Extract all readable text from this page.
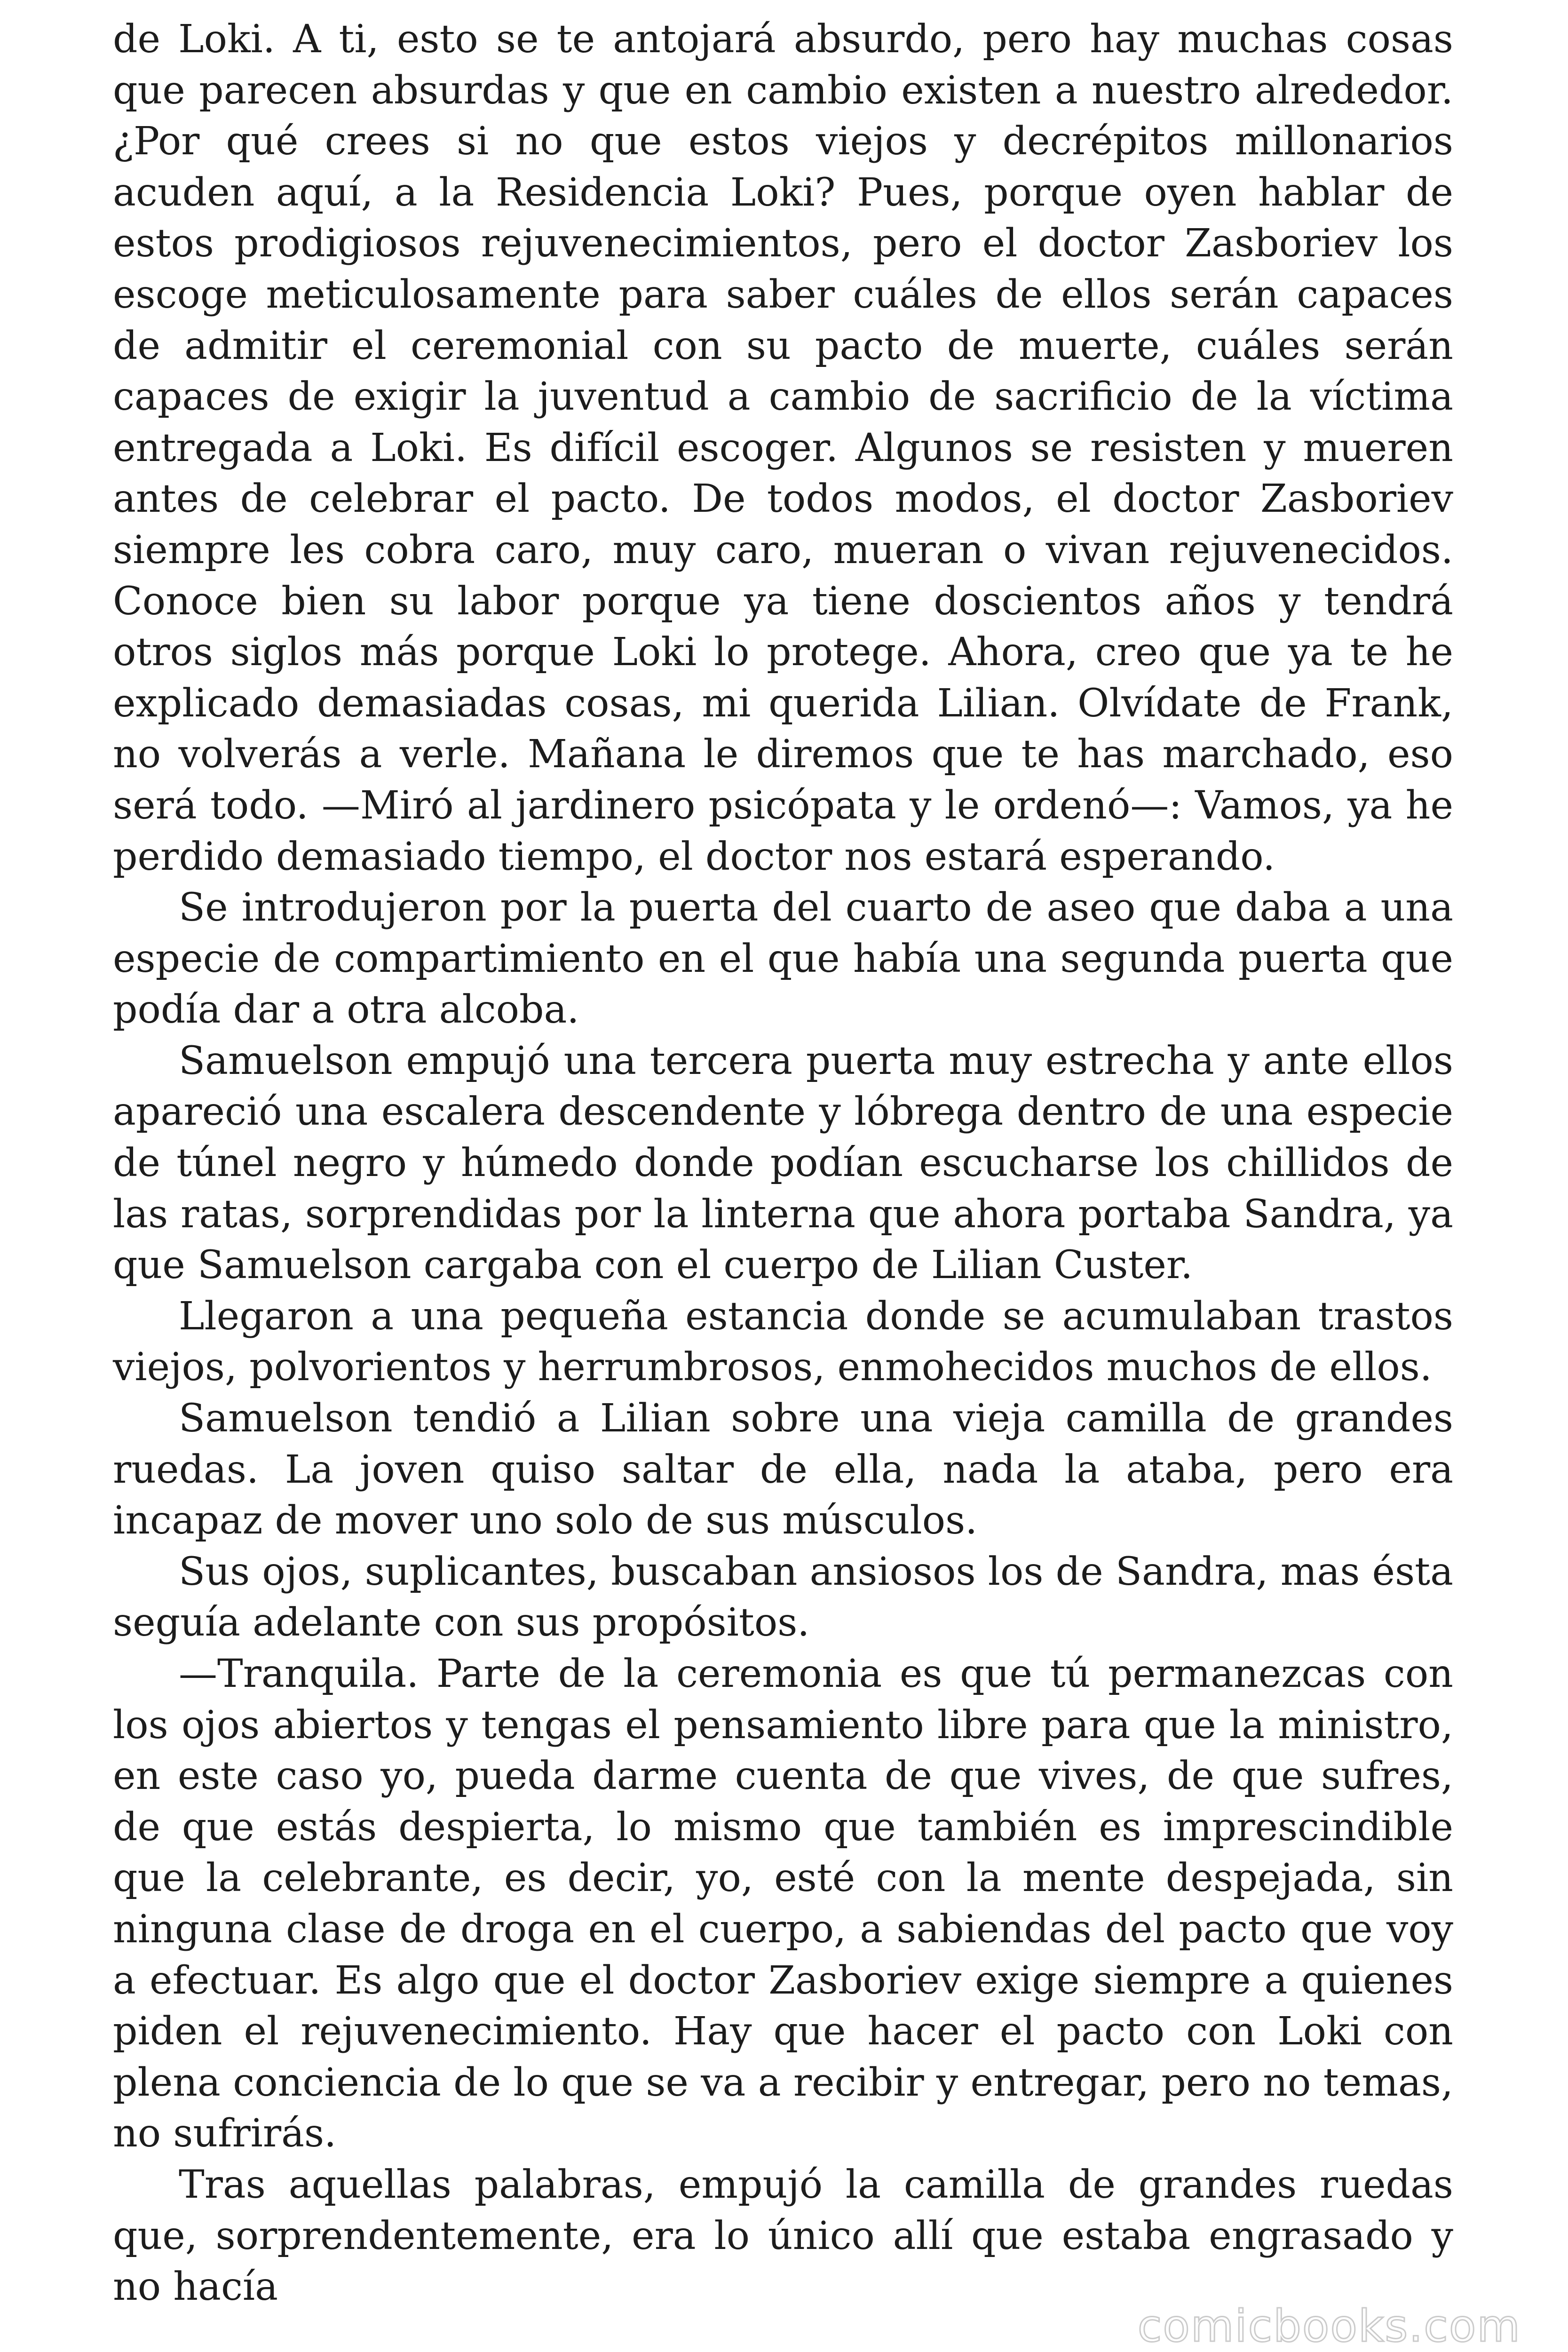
de Loki. A ti, esto se te antojará absurdo, pero hay muchas cosas que parecen absurdas y que en cambio existen a nuestro alrededor. ¿Por qué crees si no que estos viejos y decrépitos millonarios acuden aquí, a la Residencia Loki? Pues, porque oyen hablar de estos prodigiosos rejuvenecimientos, pero el doctor Zasboriev los escoge meticulosamente para saber cuáles de ellos serán capaces de admitir el ceremonial con su pacto de muerte, cuáles serán capaces de exigir la juventud a cambio de sacrificio de la víctima entregada a Loki. Es difícil escoger. Algunos se resisten y mueren antes de celebrar el pacto. De todos modos, el doctor Zasboriev siempre les cobra caro, muy caro, mueran o vivan rejuvenecidos. Conoce bien su labor porque ya tiene doscientos años y tendrá otros siglos más porque Loki lo protege. Ahora, creo que ya te he explicado demasiadas cosas, mi querida Lilian. Olvídate de Frank, no volverás a verle. Mañana le diremos que te has marchado, eso será todo. —Miró al jardinero psicópata y le ordenó—: Vamos, ya he perdido demasiado tiempo, el doctor nos estará esperando.

Se introdujeron por la puerta del cuarto de aseo que daba a una especie de compartimiento en el que había una segunda puerta que podía dar a otra alcoba.

Samuelson empujó una tercera puerta muy estrecha y ante ellos apareció una escalera descendente y lóbrega dentro de una especie de túnel negro y húmedo donde podían escucharse los chillidos de las ratas, sorprendidas por la linterna que ahora portaba Sandra, ya que Samuelson cargaba con el cuerpo de Lilian Custer.

Llegaron a una pequeña estancia donde se acumulaban trastos viejos, polvorientos y herrumbrosos, enmohecidos muchos de ellos.

Samuelson tendió a Lilian sobre una vieja camilla de grandes ruedas. La joven quiso saltar de ella, nada la ataba, pero era incapaz de mover uno solo de sus músculos.

Sus ojos, suplicantes, buscaban ansiosos los de Sandra, mas ésta seguía adelante con sus propósitos.

—Tranquila. Parte de la ceremonia es que tú permanezcas con los ojos abiertos y tengas el pensamiento libre para que la ministro, en este caso yo, pueda darme cuenta de que vives, de que sufres, de que estás despierta, lo mismo que también es imprescindible que la celebrante, es decir, yo, esté con la mente despejada, sin ninguna clase de droga en el cuerpo, a sabiendas del pacto que voy a efectuar. Es algo que el doctor Zasboriev exige siempre a quienes piden el rejuvenecimiento. Hay que hacer el pacto con Loki con plena conciencia de lo que se va a recibir y entregar, pero no temas, no sufrirás.

Tras aquellas palabras, empujó la camilla de grandes ruedas que, sorprendentemente, era lo único allí que estaba engrasado y no hacía

comicbooks.com
